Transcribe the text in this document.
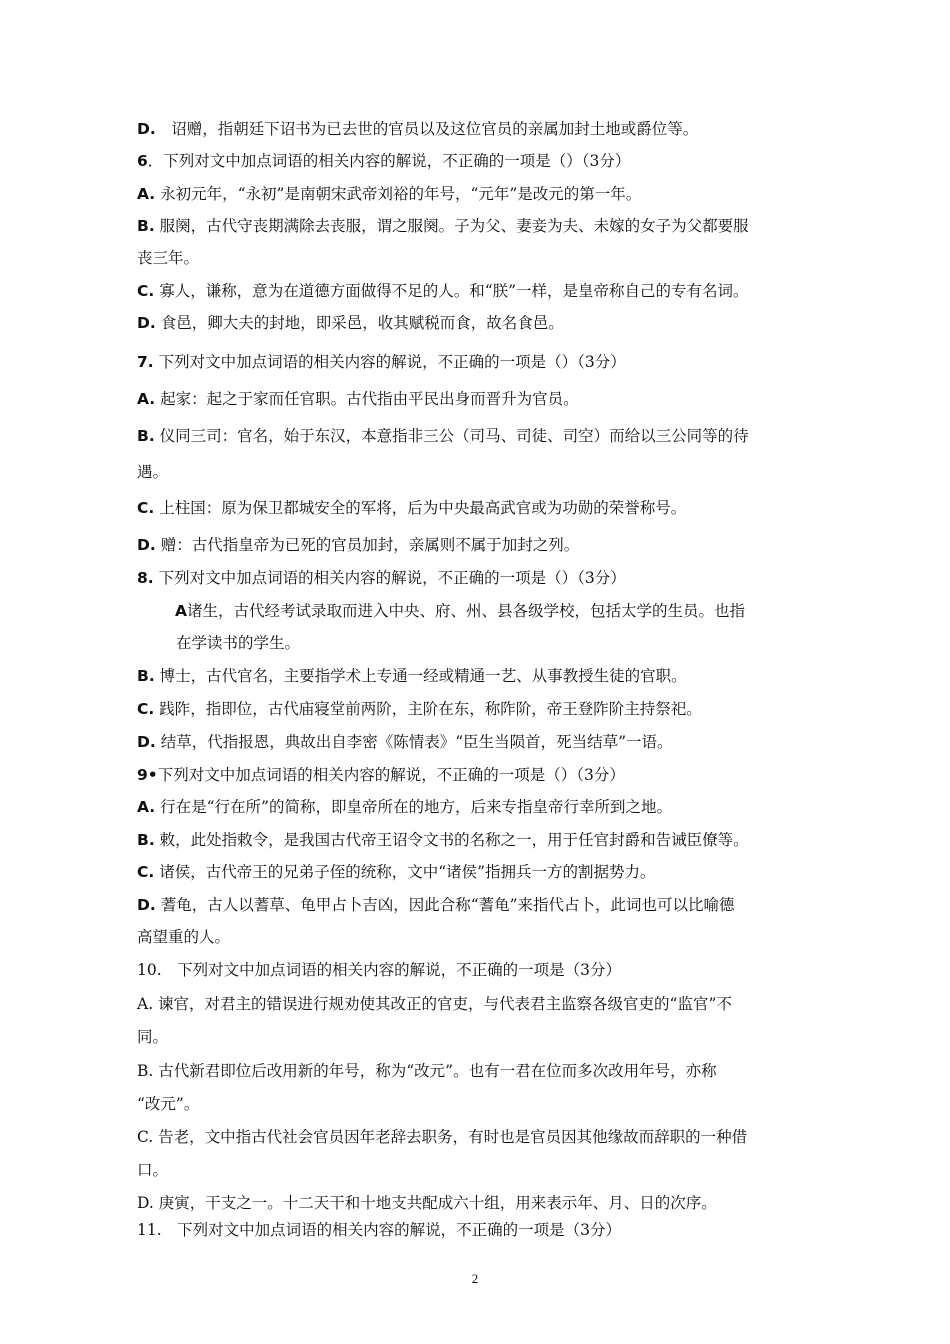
D.　诏赠，指朝廷下诏书为已去世的官员以及这位官员的亲属加封土地或爵位等。
6．下列对文中加点词语的相关内容的解说，不正确的一项是（）（3分）
A. 永初元年，“永初”是南朝宋武帝刘裕的年号，“元年”是改元的第一年。
B. 服阕，古代守丧期满除去丧服，谓之服阕。子为父、妻妾为夫、未嫁的女子为父都要服
丧三年。
C. 寡人，谦称，意为在道德方面做得不足的人。和“朕”一样，是皇帝称自己的专有名词。
D. 食邑，卿大夫的封地，即采邑，收其赋税而食，故名食邑。
7. 下列对文中加点词语的相关内容的解说，不正确的一项是（）（3分）
A. 起家：起之于家而任官职。古代指由平民出身而晋升为官员。
B. 仪同三司：官名，始于东汉，本意指非三公（司马、司徒、司空）而给以三公同等的待
遇。
C. 上柱国：原为保卫都城安全的军将，后为中央最高武官或为功勋的荣誉称号。
D. 赠：古代指皇帝为已死的官员加封，亲属则不属于加封之列。
8. 下列对文中加点词语的相关内容的解说，不正确的一项是（）（3分）
A诸生，古代经考试录取而进入中央、府、州、县各级学校，包括太学的生员。也指
在学读书的学生。
B. 博士，古代官名，主要指学术上专通一经或精通一艺、从事教授生徒的官职。
C. 践阼，指即位，古代庙寝堂前两阶，主阶在东，称阼阶，帝王登阼阶主持祭祀。
D. 结草，代指报恩，典故出自李密《陈情表》“臣生当陨首，死当结草”一语。
9•下列对文中加点词语的相关内容的解说，不正确的一项是（）（3分）
A. 行在是“行在所”的简称，即皇帝所在的地方，后来专指皇帝行幸所到之地。
B. 敕，此处指敕令，是我国古代帝王诏令文书的名称之一，用于任官封爵和告诫臣僚等。
C. 诸侯，古代帝王的兄弟子侄的统称，文中“诸侯”指拥兵一方的割据势力。
D. 蓍龟，古人以蓍草、龟甲占卜吉凶，因此合称“蓍龟”来指代占卜，此词也可以比喻德
高望重的人。
10.　下列对文中加点词语的相关内容的解说，不正确的一项是（3分）
A. 谏官，对君主的错误进行规劝使其改正的官吏，与代表君主监察各级官吏的“监官”不
同。
B. 古代新君即位后改用新的年号，称为“改元”。也有一君在位而多次改用年号，亦称
“改元”。
C. 告老，文中指古代社会官员因年老辞去职务，有时也是官员因其他缘故而辞职的一种借
口。
D. 庚寅，干支之一。十二天干和十地支共配成六十组，用来表示年、月、日的次序。
11.　下列对文中加点词语的相关内容的解说，不正确的一项是（3分）
2
